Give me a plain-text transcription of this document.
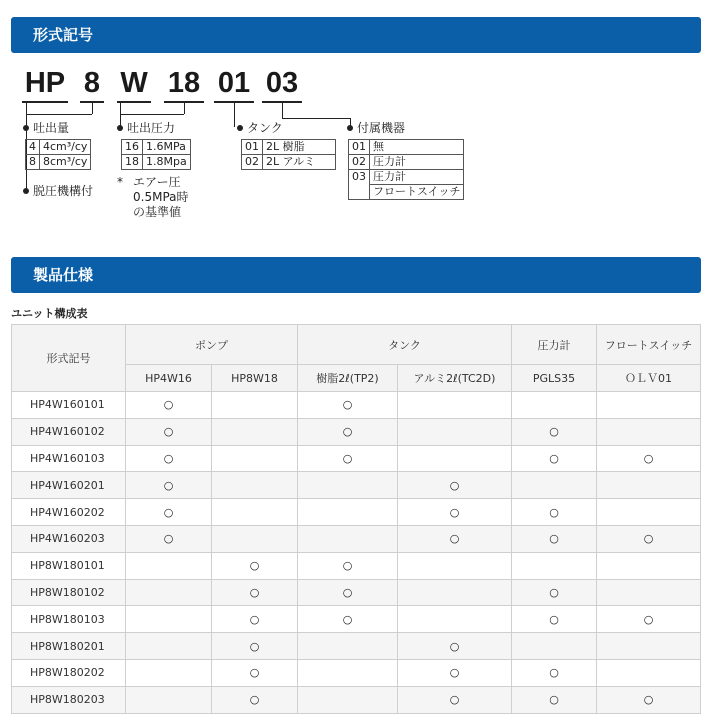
形式記号
HP 8 W 18 01 03
吐出量
4	4cm³/cy
8	8cm³/cy
脱圧機構付
吐出圧力
16	1.6MPa
18	1.8Mpa
* エアー圧
0.5MPa時
の基準値
タンク
01	2L 樹脂
02	2L アルミ
付属機器
01	無
02	圧力計
03	圧力計
	フロートスイッチ
製品仕様
ユニット構成表
形式記号	ポンプ		タンク		圧力計	フロートスイッチ
	HP4W16	HP8W18	樹脂2ℓ(TP2)	アルミ2ℓ(TC2D)	PGLS35	ＯＬＶ01
HP4W160101	○		○			
HP4W160102	○		○		○	
HP4W160103	○		○		○	○
HP4W160201	○			○		
HP4W160202	○			○	○	
HP4W160203	○			○	○	○
HP8W180101		○	○			
HP8W180102		○	○		○	
HP8W180103		○	○		○	○
HP8W180201		○		○		
HP8W180202		○		○	○	
HP8W180203		○		○	○	○
